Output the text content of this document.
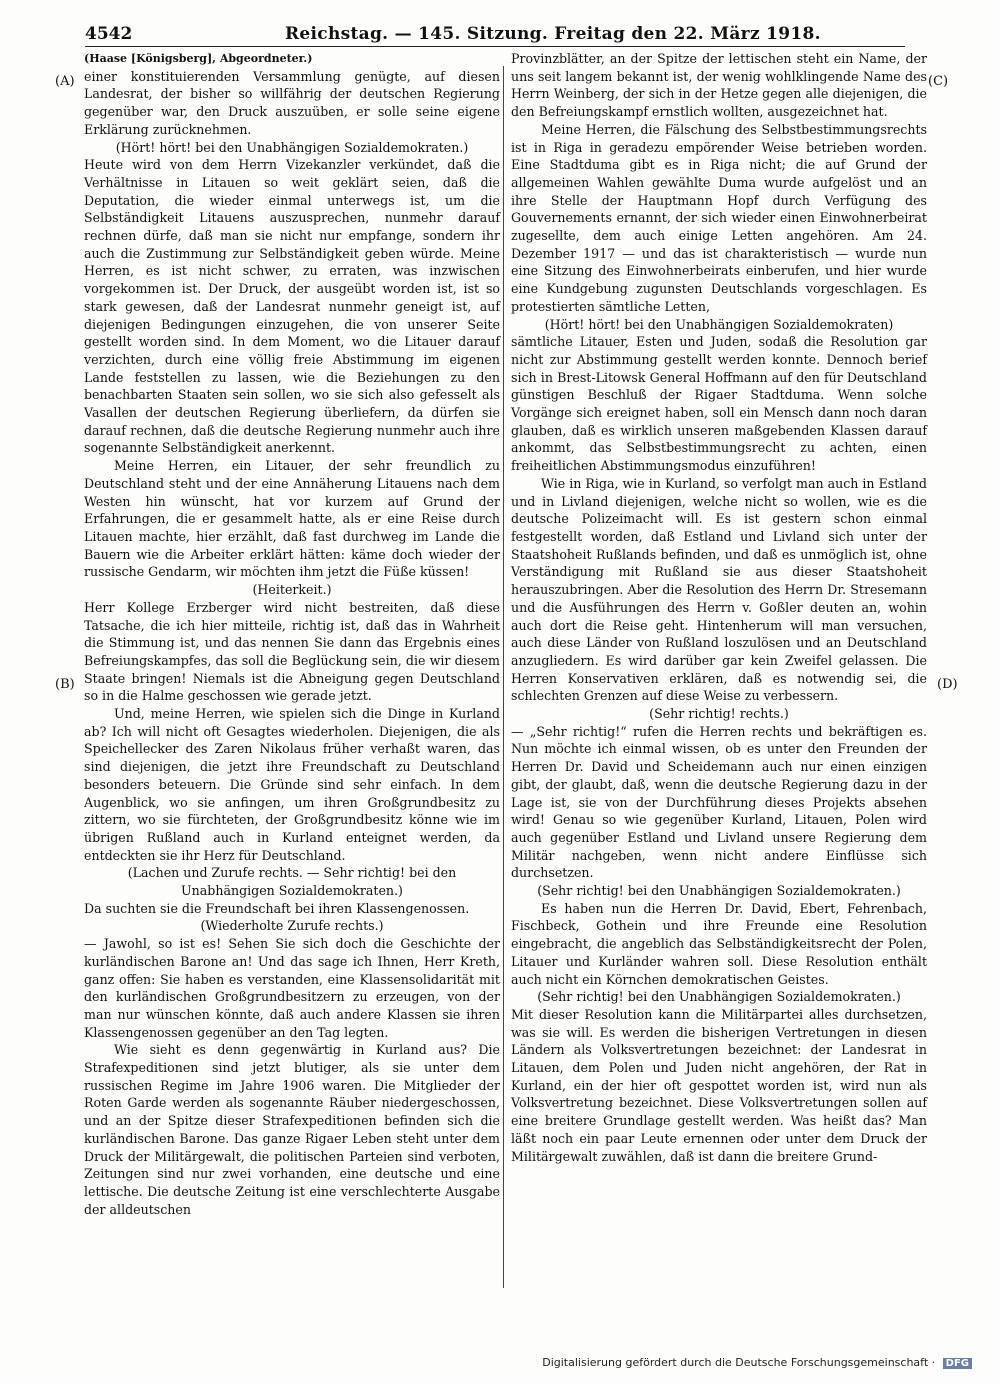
4542	Reichstag. — 145. Sitzung. Freitag den 22. März 1918.
(A)
(B)
(C)
(D)

(Haase [Königsberg], Abgeordneter.)

einer konstituierenden Versammlung genügte, auf diesen Landesrat, der bisher so willfährig der deutschen Regierung gegenüber war, den Druck auszuüben, er solle seine eigene Erklärung zurücknehmen.

(Hört! hört! bei den Unabhängigen Sozialdemokraten.)

Heute wird von dem Herrn Vizekanzler verkündet, daß die Verhältnisse in Litauen so weit geklärt seien, daß die Deputation, die wieder einmal unterwegs ist, um die Selbständigkeit Litauens auszusprechen, nunmehr darauf rechnen dürfe, daß man sie nicht nur empfange, sondern ihr auch die Zustimmung zur Selbständigkeit geben würde. Meine Herren, es ist nicht schwer, zu erraten, was inzwischen vorgekommen ist. Der Druck, der ausgeübt worden ist, ist so stark gewesen, daß der Landesrat nunmehr geneigt ist, auf diejenigen Bedingungen einzugehen, die von unserer Seite gestellt worden sind. In dem Moment, wo die Litauer darauf verzichten, durch eine völlig freie Abstimmung im eigenen Lande feststellen zu lassen, wie die Beziehungen zu den benachbarten Staaten sein sollen, wo sie sich also gefesselt als Vasallen der deutschen Regierung überliefern, da dürfen sie darauf rechnen, daß die deutsche Regierung nunmehr auch ihre sogenannte Selbständigkeit anerkennt.

Meine Herren, ein Litauer, der sehr freundlich zu Deutschland steht und der eine Annäherung Litauens nach dem Westen hin wünscht, hat vor kurzem auf Grund der Erfahrungen, die er gesammelt hatte, als er eine Reise durch Litauen machte, hier erzählt, daß fast durchweg im Lande die Bauern wie die Arbeiter erklärt hätten: käme doch wieder der russische Gendarm, wir möchten ihm jetzt die Füße küssen!

(Heiterkeit.)

Herr Kollege Erzberger wird nicht bestreiten, daß diese Tatsache, die ich hier mitteile, richtig ist, daß das in Wahrheit die Stimmung ist, und das nennen Sie dann das Ergebnis eines Befreiungskampfes, das soll die Beglückung sein, die wir diesem Staate bringen! Niemals ist die Abneigung gegen Deutschland so in die Halme geschossen wie gerade jetzt.

Und, meine Herren, wie spielen sich die Dinge in Kurland ab? Ich will nicht oft Gesagtes wiederholen. Diejenigen, die als Speichellecker des Zaren Nikolaus früher verhaßt waren, das sind diejenigen, die jetzt ihre Freundschaft zu Deutschland besonders beteuern. Die Gründe sind sehr einfach. In dem Augenblick, wo sie anfingen, um ihren Großgrundbesitz zu zittern, wo sie fürchteten, der Großgrundbesitz könne wie im übrigen Rußland auch in Kurland enteignet werden, da entdeckten sie ihr Herz für Deutschland.

(Lachen und Zurufe rechts. — Sehr richtig! bei den Unabhängigen Sozialdemokraten.)

Da suchten sie die Freundschaft bei ihren Klassengenossen.

(Wiederholte Zurufe rechts.)

— Jawohl, so ist es! Sehen Sie sich doch die Geschichte der kurländischen Barone an! Und das sage ich Ihnen, Herr Kreth, ganz offen: Sie haben es verstanden, eine Klassensolidarität mit den kurländischen Großgrundbesitzern zu erzeugen, von der man nur wünschen könnte, daß auch andere Klassen sie ihren Klassengenossen gegenüber an den Tag legten.

Wie sieht es denn gegenwärtig in Kurland aus? Die Strafexpeditionen sind jetzt blutiger, als sie unter dem russischen Regime im Jahre 1906 waren. Die Mitglieder der Roten Garde werden als sogenannte Räuber niedergeschossen, und an der Spitze dieser Strafexpeditionen befinden sich die kurländischen Barone. Das ganze Rigaer Leben steht unter dem Druck der Militärgewalt, die politischen Parteien sind verboten, Zeitungen sind nur zwei vorhanden, eine deutsche und eine lettische. Die deutsche Zeitung ist eine verschlechterte Ausgabe der alldeutschen

Provinzblätter, an der Spitze der lettischen steht ein Name, der uns seit langem bekannt ist, der wenig wohlklingende Name des Herrn Weinberg, der sich in der Hetze gegen alle diejenigen, die den Befreiungskampf ernstlich wollten, ausgezeichnet hat.

Meine Herren, die Fälschung des Selbstbestimmungsrechts ist in Riga in geradezu empörender Weise betrieben worden. Eine Stadtduma gibt es in Riga nicht; die auf Grund der allgemeinen Wahlen gewählte Duma wurde aufgelöst und an ihre Stelle der Hauptmann Hopf durch Verfügung des Gouvernements ernannt, der sich wieder einen Einwohnerbeirat zugesellte, dem auch einige Letten angehören. Am 24. Dezember 1917 — und das ist charakteristisch — wurde nun eine Sitzung des Einwohnerbeirats einberufen, und hier wurde eine Kundgebung zugunsten Deutschlands vorgeschlagen. Es protestierten sämtliche Letten,

(Hört! hört! bei den Unabhängigen Sozialdemokraten)

sämtliche Litauer, Esten und Juden, sodaß die Resolution gar nicht zur Abstimmung gestellt werden konnte. Dennoch berief sich in Brest-Litowsk General Hoffmann auf den für Deutschland günstigen Beschluß der Rigaer Stadtduma. Wenn solche Vorgänge sich ereignet haben, soll ein Mensch dann noch daran glauben, daß es wirklich unseren maßgebenden Klassen darauf ankommt, das Selbstbestimmungsrecht zu achten, einen freiheitlichen Abstimmungsmodus einzuführen!

Wie in Riga, wie in Kurland, so verfolgt man auch in Estland und in Livland diejenigen, welche nicht so wollen, wie es die deutsche Polizeimacht will. Es ist gestern schon einmal festgestellt worden, daß Estland und Livland sich unter der Staatshoheit Rußlands befinden, und daß es unmöglich ist, ohne Verständigung mit Rußland sie aus dieser Staatshoheit herauszubringen. Aber die Resolution des Herrn Dr. Stresemann und die Ausführungen des Herrn v. Goßler deuten an, wohin auch dort die Reise geht. Hintenherum will man versuchen, auch diese Länder von Rußland loszulösen und an Deutschland anzugliedern. Es wird darüber gar kein Zweifel gelassen. Die Herren Konservativen erklären, daß es notwendig sei, die schlechten Grenzen auf diese Weise zu verbessern.

(Sehr richtig! rechts.)

— „Sehr richtig!“ rufen die Herren rechts und bekräftigen es. Nun möchte ich einmal wissen, ob es unter den Freunden der Herren Dr. David und Scheidemann auch nur einen einzigen gibt, der glaubt, daß, wenn die deutsche Regierung dazu in der Lage ist, sie von der Durchführung dieses Projekts absehen wird! Genau so wie gegenüber Kurland, Litauen, Polen wird auch gegenüber Estland und Livland unsere Regierung dem Militär nachgeben, wenn nicht andere Einflüsse sich durchsetzen.

(Sehr richtig! bei den Unabhängigen Sozialdemokraten.)

Es haben nun die Herren Dr. David, Ebert, Fehrenbach, Fischbeck, Gothein und ihre Freunde eine Resolution eingebracht, die angeblich das Selbständigkeitsrecht der Polen, Litauer und Kurländer wahren soll. Diese Resolution enthält auch nicht ein Körnchen demokratischen Geistes.

(Sehr richtig! bei den Unabhängigen Sozialdemokraten.)

Mit dieser Resolution kann die Militärpartei alles durchsetzen, was sie will. Es werden die bisherigen Vertretungen in diesen Ländern als Volksvertretungen bezeichnet: der Landesrat in Litauen, dem Polen und Juden nicht angehören, der Rat in Kurland, ein der hier oft gespottet worden ist, wird nun als Volksvertretung bezeichnet. Diese Volksvertretungen sollen auf eine breitere Grundlage gestellt werden. Was heißt das? Man läßt noch ein paar Leute ernennen oder unter dem Druck der Militärgewalt zuwählen, daß ist dann die breitere Grund-

Digitalisierung gefördert durch die Deutsche Forschungsgemeinschaft · DFG
